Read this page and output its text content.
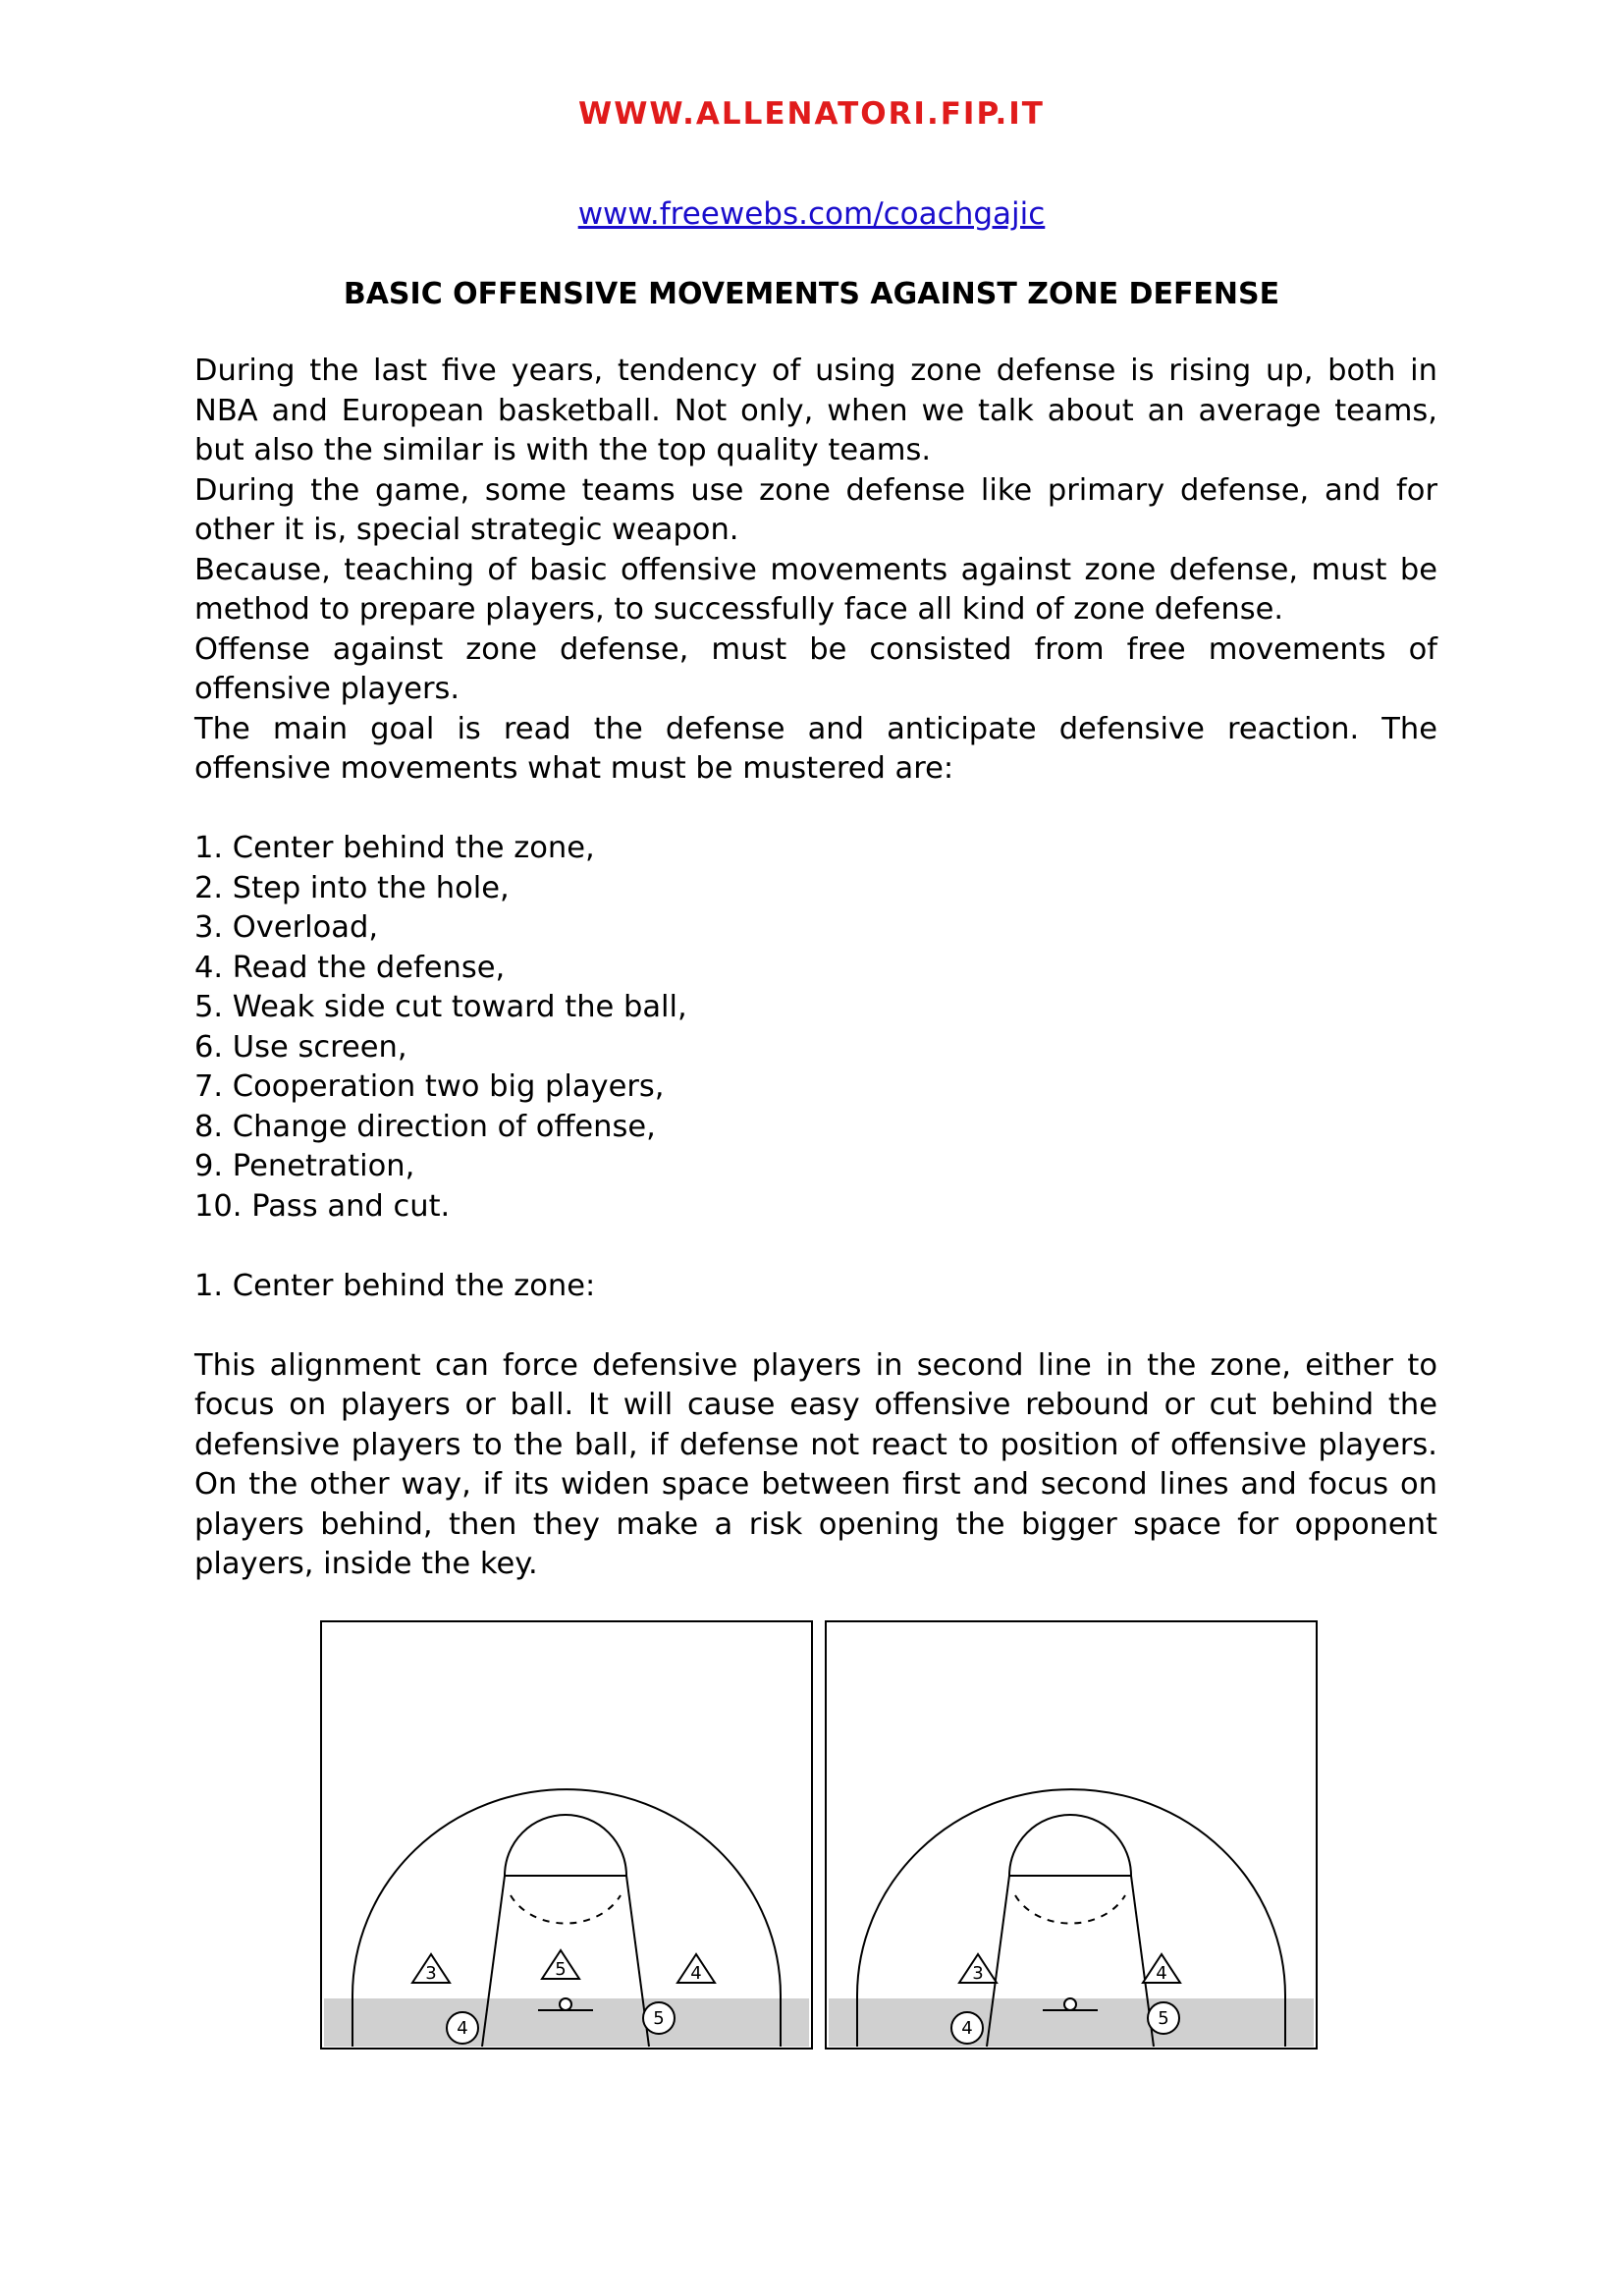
WWW.ALLENATORI.FIP.IT
www.freewebs.com/coachgajic
BASIC OFFENSIVE MOVEMENTS AGAINST ZONE DEFENSE

During the last five years, tendency of using zone defense is rising up, both in NBA and European basketball. Not only, when we talk about an average teams, but also the similar is with the top quality teams.

During the game, some teams use zone defense like primary defense, and for other it is, special strategic weapon.

Because, teaching of basic offensive movements against zone defense, must be method to prepare players, to successfully face all kind of zone defense.

Offense against zone defense, must be consisted from free movements of offensive players.

The main goal is read the defense and anticipate defensive reaction. The offensive movements what must be mustered are:

1. Center behind the zone,
2. Step into the hole,
3. Overload,
4. Read the defense,
5. Weak side cut toward the ball,
6. Use screen,
7. Cooperation two big players,
8. Change direction of offense,
9. Penetration,
10. Pass and cut.

1. Center behind the zone:

This alignment can force defensive players in second line in the zone, either to focus on players or ball. It will cause easy offensive rebound or cut behind the defensive players to the ball, if defense not react to position of offensive players. On the other way, if its widen space between first and second lines and focus on players behind, then they make a risk opening the bigger space for opponent players, inside the key.

3	5	4
4	5
3	4
4	5
